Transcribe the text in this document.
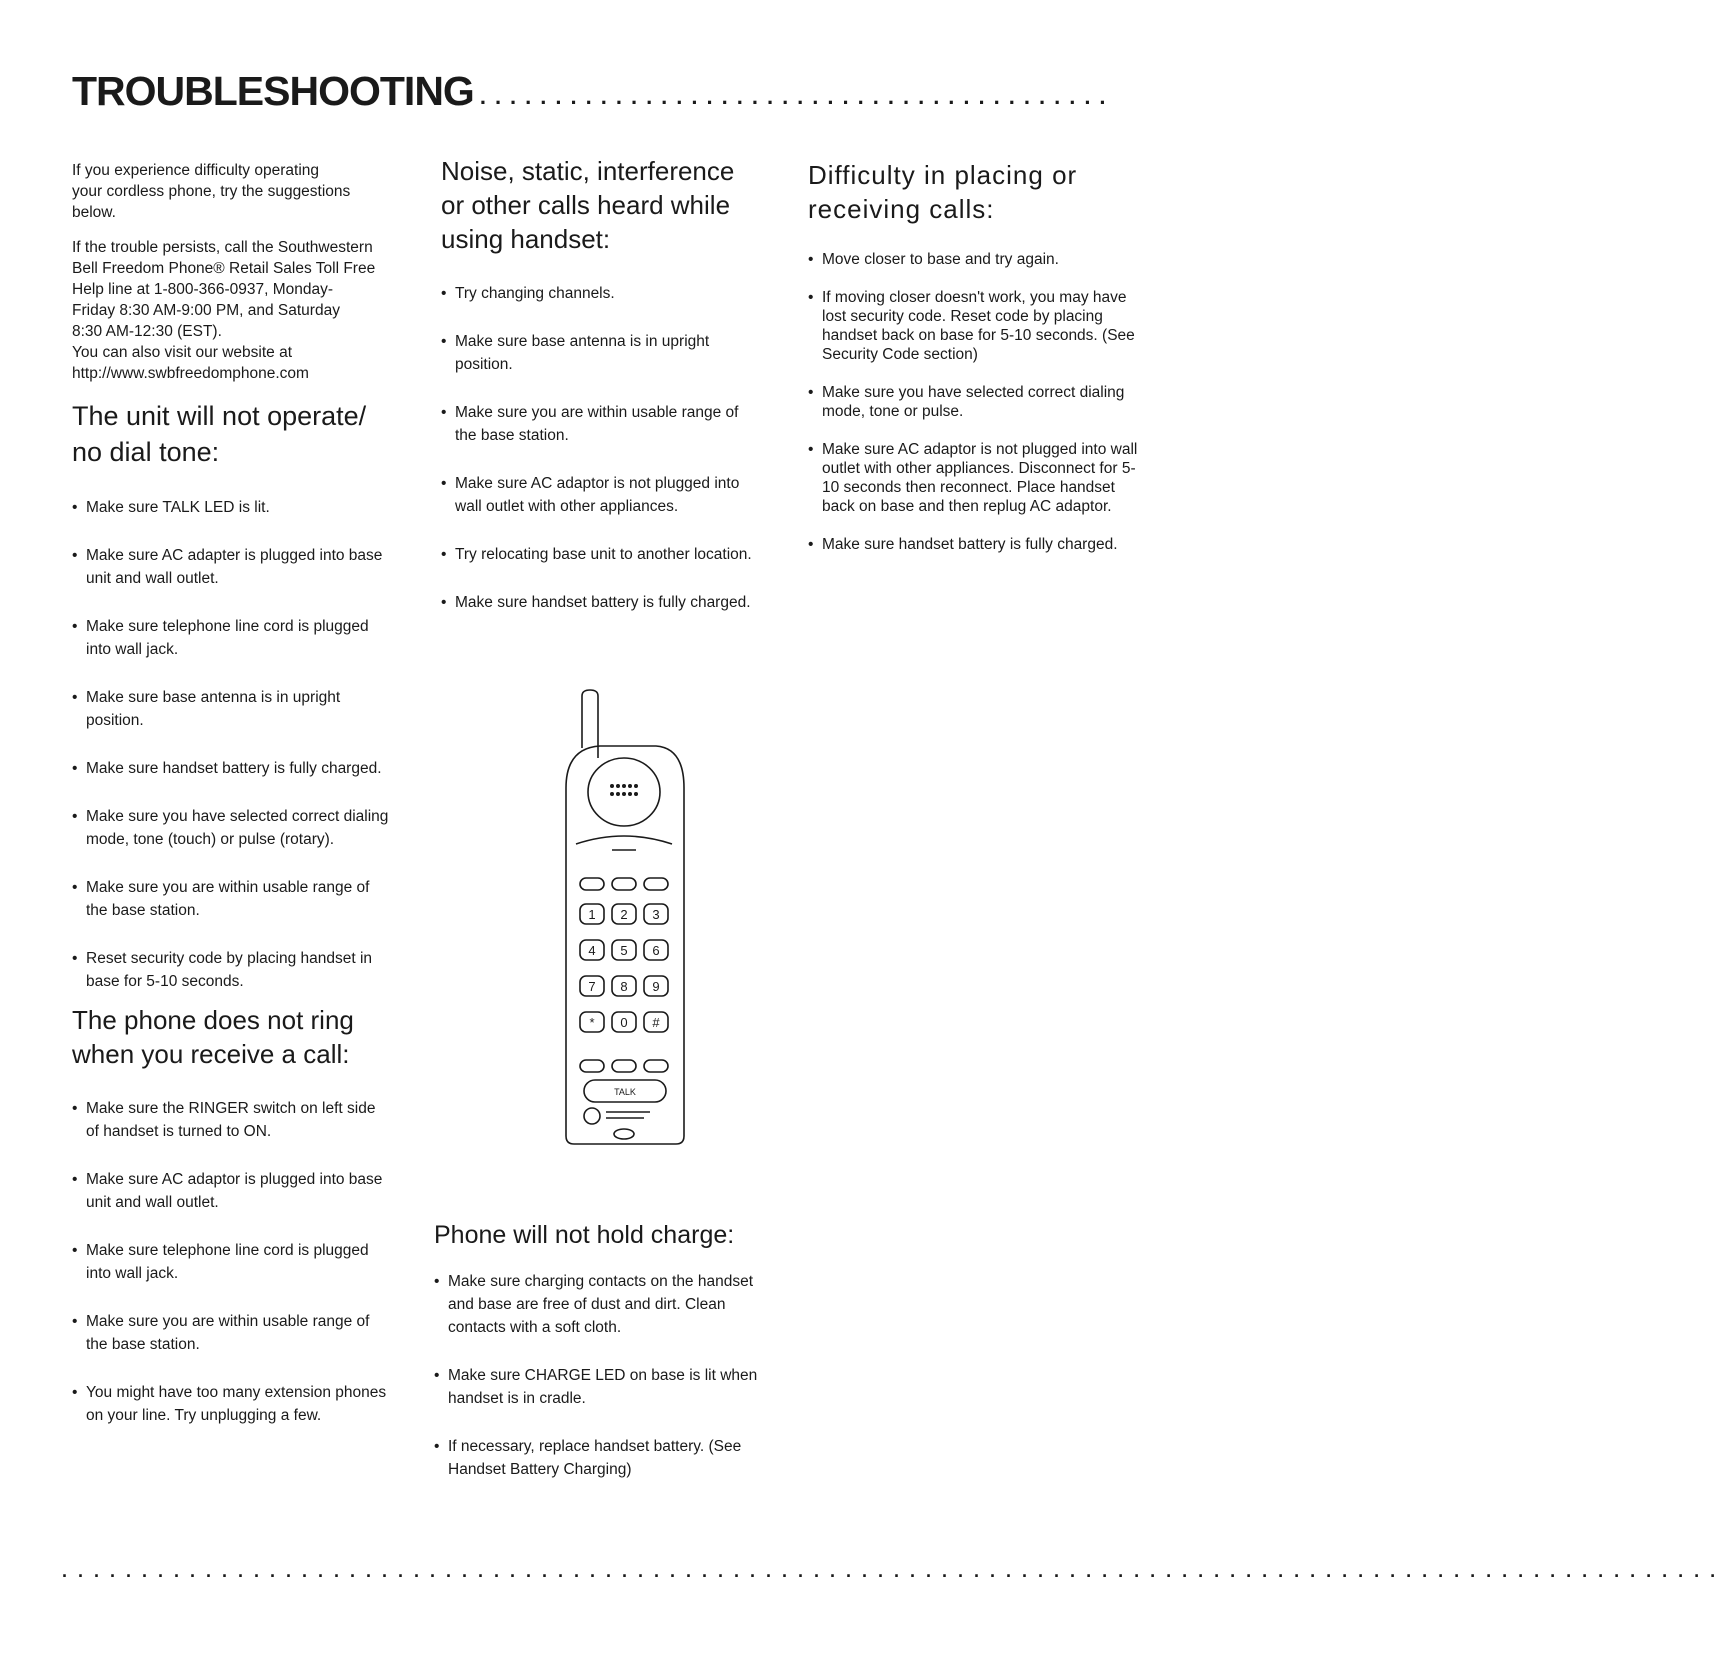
TROUBLESHOOTING ..........................................

If you experience difficulty operating
your cordless phone, try the suggestions
below.

If the trouble persists, call the Southwestern
Bell Freedom Phone® Retail Sales Toll Free
Help line at 1-800-366-0937, Monday-
Friday 8:30 AM-9:00 PM, and Saturday
8:30 AM-12:30 (EST).
You can also visit our website at
http://www.swbfreedomphone.com

The unit will not operate/ no dial tone:
• Make sure TALK LED is lit.
• Make sure AC adapter is plugged into base unit and wall outlet.
• Make sure telephone line cord is plugged into wall jack.
• Make sure base antenna is in upright position.
• Make sure handset battery is fully charged.
• Make sure you have selected correct dialing mode, tone (touch) or pulse (rotary).
• Make sure you are within usable range of the base station.
• Reset security code by placing handset in base for 5-10 seconds.
The phone does not ring when you receive a call:
• Make sure the RINGER switch on left side of handset is turned to ON.
• Make sure AC adaptor is plugged into base unit and wall outlet.
• Make sure telephone line cord is plugged into wall jack.
• Make sure you are within usable range of the base station.
• You might have too many extension phones on your line. Try unplugging a few.
Noise, static, interference or other calls heard while using handset:
• Try changing channels.
• Make sure base antenna is in upright position.
• Make sure you are within usable range of the base station.
• Make sure AC adaptor is not plugged into wall outlet with other appliances.
• Try relocating base unit to another location.
• Make sure handset battery is fully charged.
1 2 3
4 5 6
7 8 9
* 0 #
TALK
Phone will not hold charge:
• Make sure charging contacts on the handset and base are free of dust and dirt. Clean contacts with a soft cloth.
• Make sure CHARGE LED on base is lit when handset is in cradle.
• If necessary, replace handset battery. (See Handset Battery Charging)
Difficulty in placing or receiving calls:
• Move closer to base and try again.
• If moving closer doesn't work, you may have lost security code. Reset code by placing handset back on base for 5-10 seconds. (See Security Code section)
• Make sure you have selected correct dialing mode, tone or pulse.
• Make sure AC adaptor is not plugged into wall outlet with other appliances. Disconnect for 5-10 seconds then reconnect. Place handset back on base and then replug AC adaptor.
• Make sure handset battery is fully charged.
........................................................................................................
